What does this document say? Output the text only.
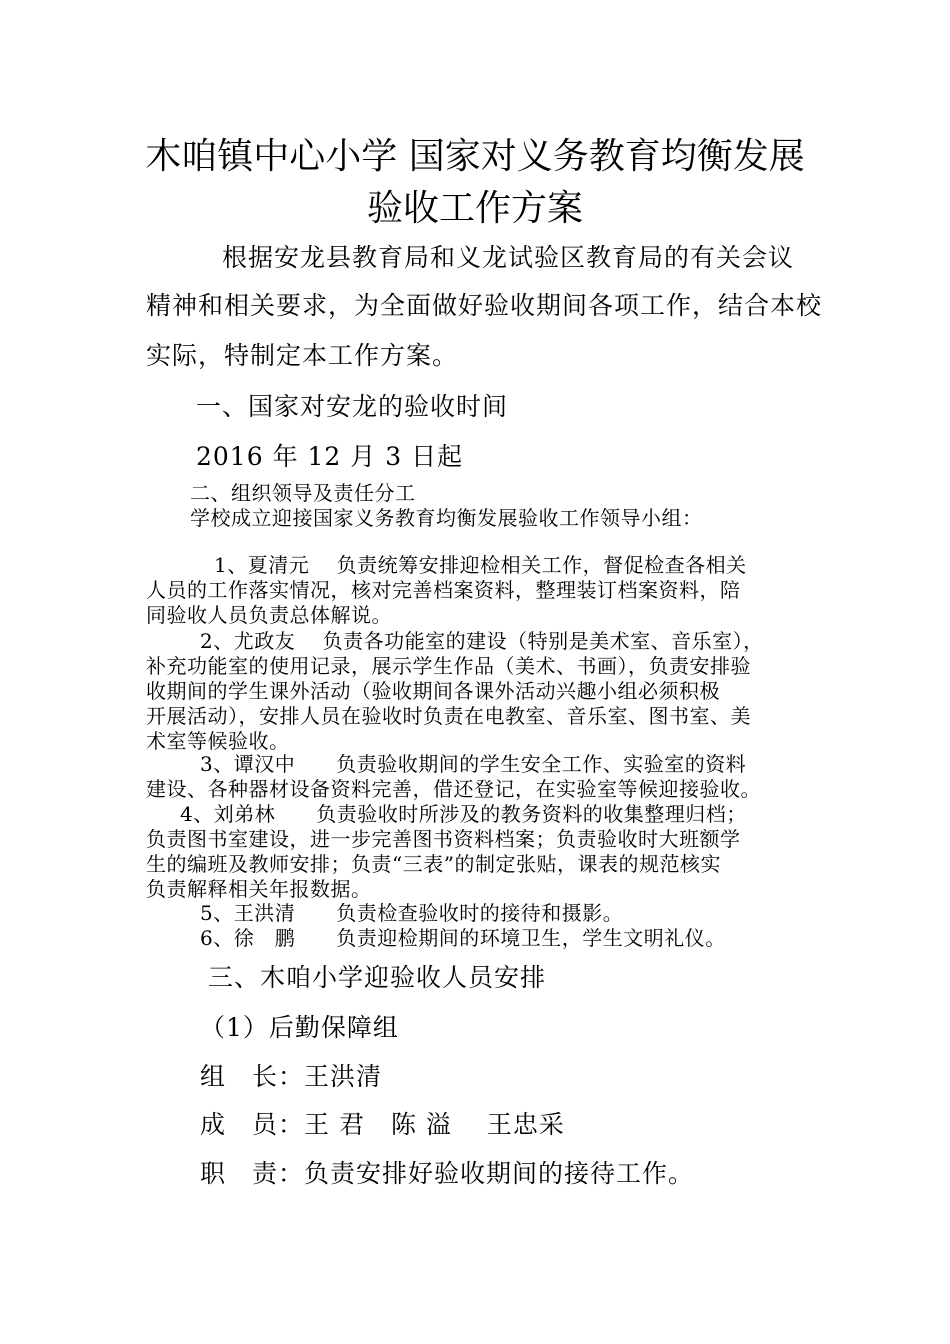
木咱镇中心小学 国家对义务教育均衡发展
验收工作方案
根据安龙县教育局和义龙试验区教育局的有关会议
精神和相关要求，为全面做好验收期间各项工作，结合本校
实际，特制定本工作方案。
一、国家对安龙的验收时间
2016 年 12 月 3 日起
二、组织领导及责任分工
学校成立迎接国家义务教育均衡发展验收工作领导小组：
1、夏清元　 负责统筹安排迎检相关工作，督促检查各相关
人员的工作落实情况，核对完善档案资料，整理装订档案资料，陪
同验收人员负责总体解说。
2、尤政友　 负责各功能室的建设（特别是美术室、音乐室），
补充功能室的使用记录，展示学生作品（美术、书画），负责安排验
收期间的学生课外活动（验收期间各课外活动兴趣小组必须积极
开展活动），安排人员在验收时负责在电教室、音乐室、图书室、美
术室等候验收。
3、谭汉中　　负责验收期间的学生安全工作、实验室的资料
建设、各种器材设备资料完善，借还登记，在实验室等候迎接验收。
4、刘弟林　　负责验收时所涉及的教务资料的收集整理归档；
负责图书室建设，进一步完善图书资料档案；负责验收时大班额学
生的编班及教师安排；负责“三表”的制定张贴，课表的规范核实
负责解释相关年报数据。
5、王洪清　　负责检查验收时的接待和摄影。
6、徐　鹏　　负责迎检期间的环境卫生，学生文明礼仪。
三、木咱小学迎验收人员安排
（1）后勤保障组
组　长：王洪清
成　员：王 君　陈 溢　 王忠采
职　责：负责安排好验收期间的接待工作。
